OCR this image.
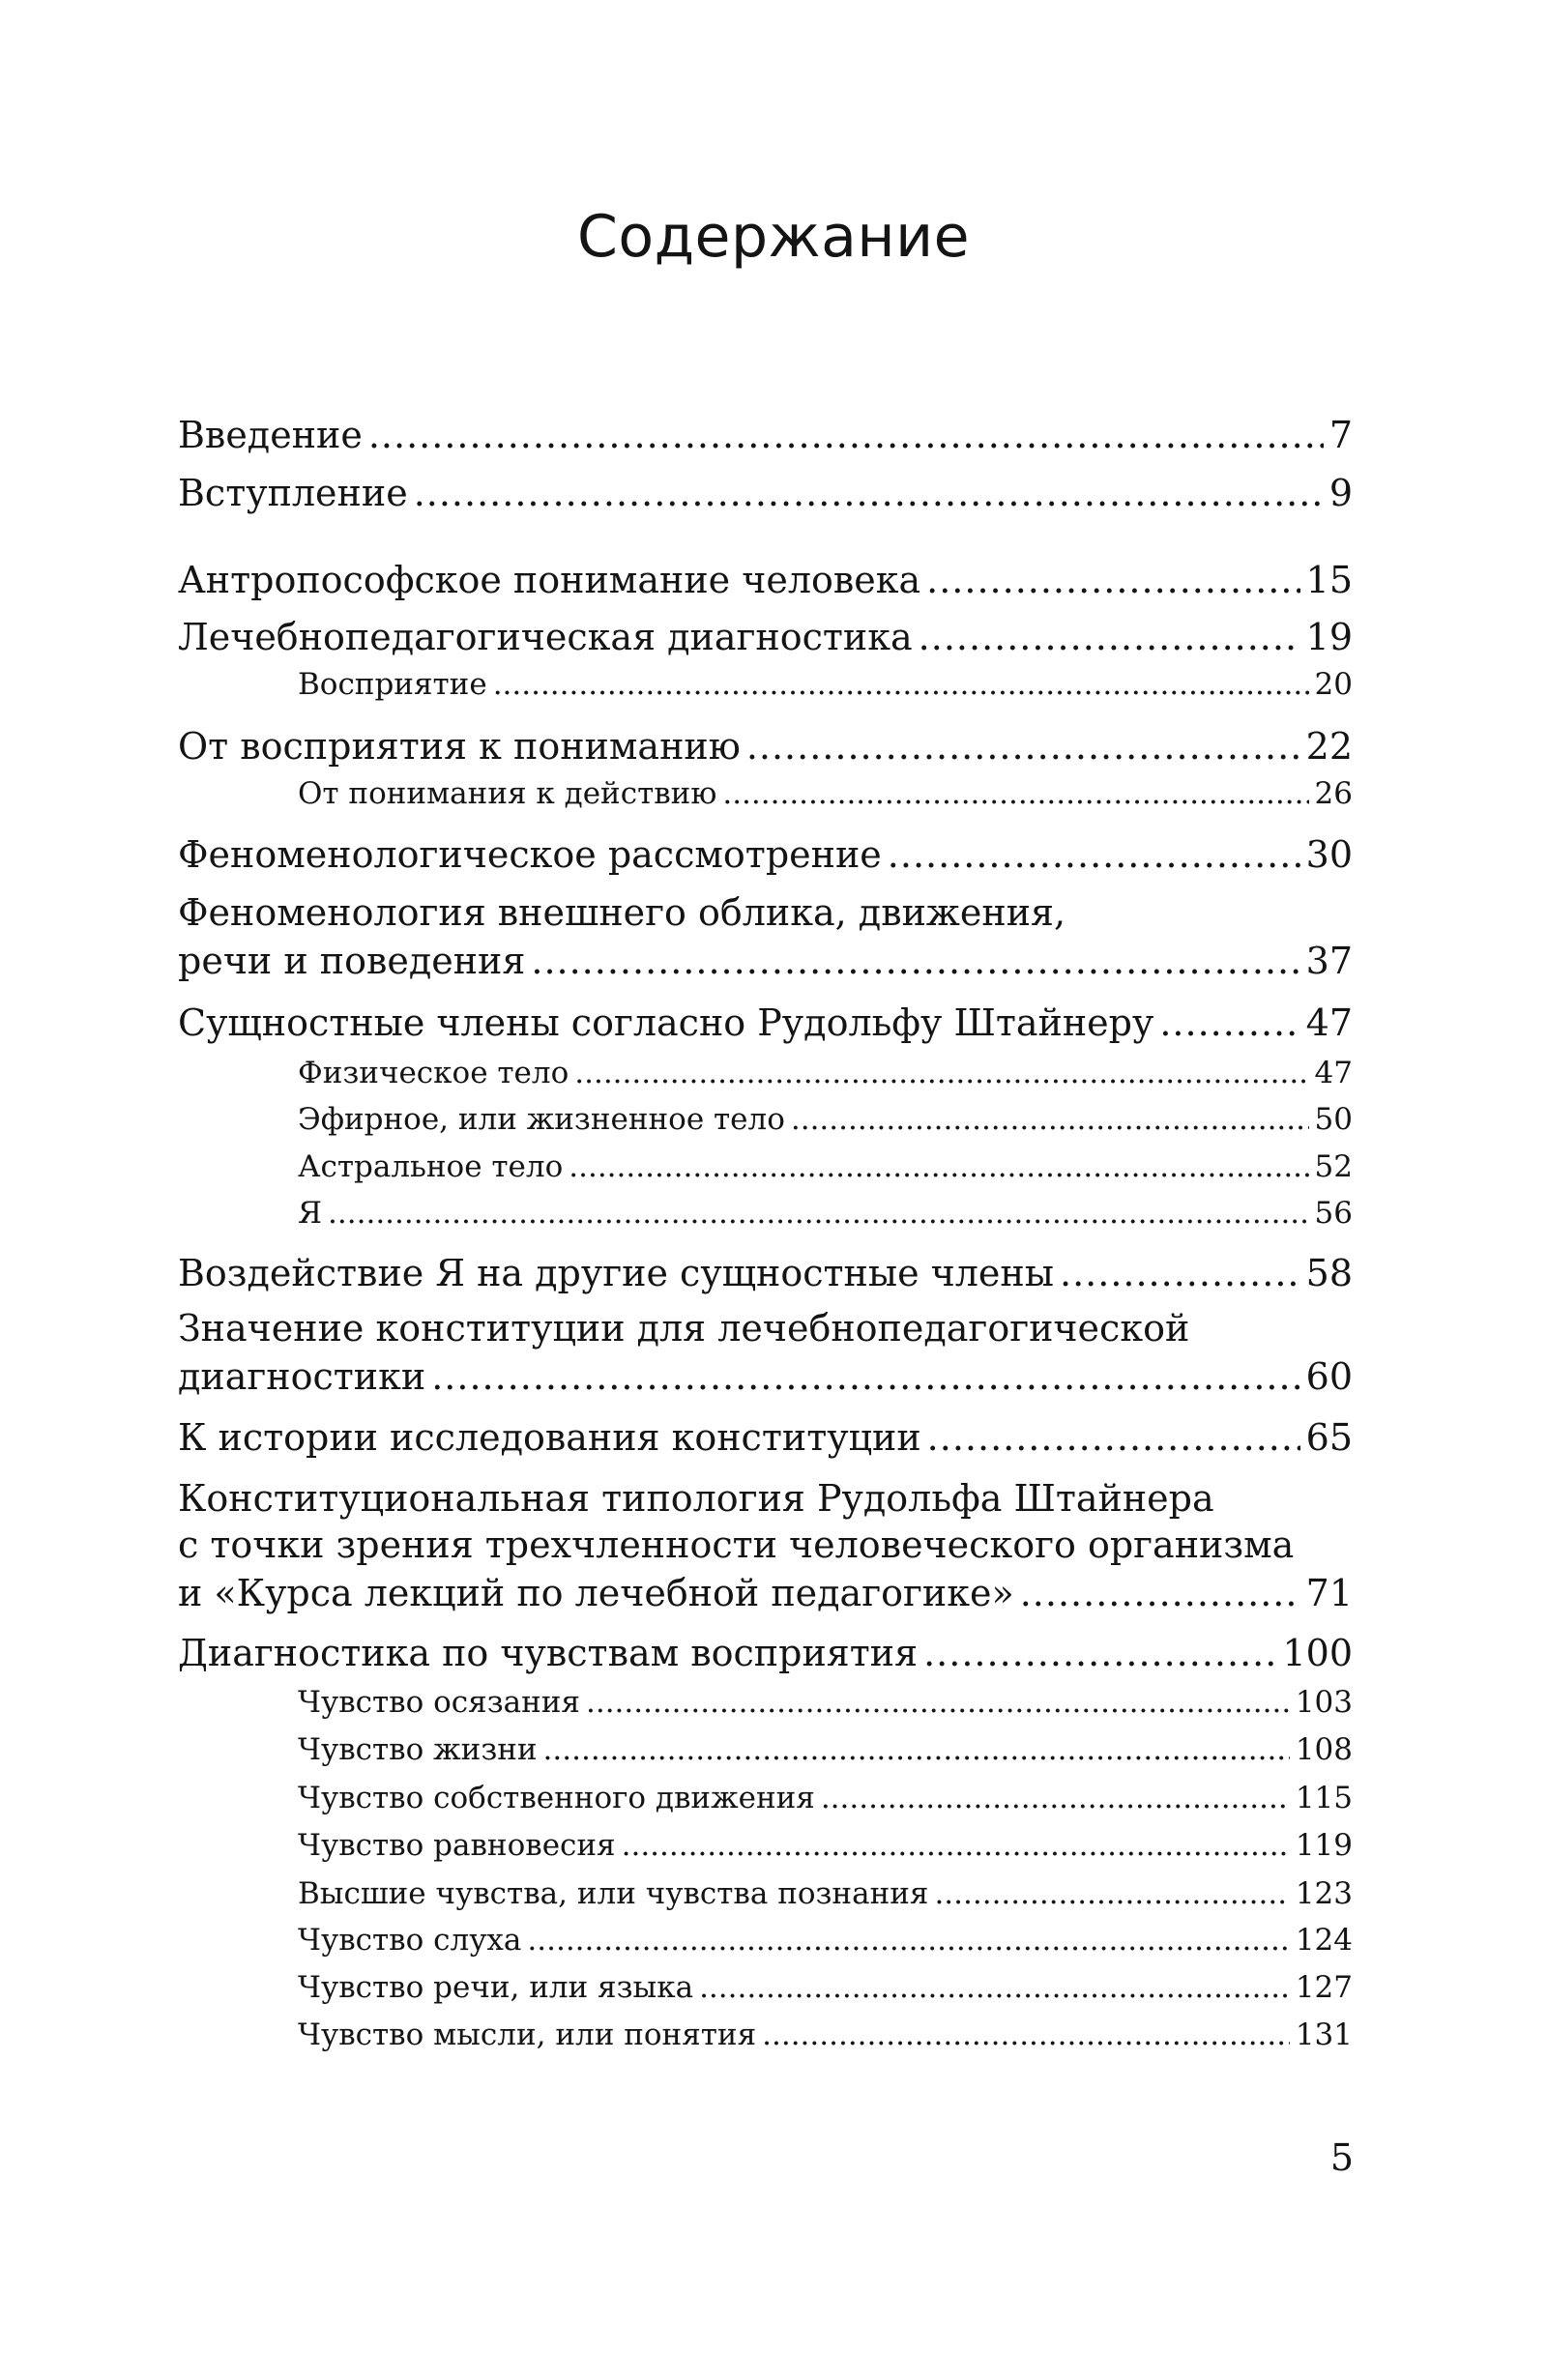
Содержание
Введение .....	7
Вступление .....	9
Антропософское понимание человека .....	15
Лечебнопедагогическая диагностика .....	19
Восприятие .....	20
От восприятия к пониманию .....	22
От понимания к действию .....	26
Феноменологическое рассмотрение .....	30
Феноменология внешнего облика, движения,
речи и поведения .....	37
Сущностные члены согласно Рудольфу Штайнеру .....	47
Физическое тело .....	47
Эфирное, или жизненное тело .....	50
Астральное тело .....	52
Я .....	56
Воздействие Я на другие сущностные члены .....	58
Значение конституции для лечебнопедагогической
диагностики .....	60
К истории исследования конституции .....	65
Конституциональная типология Рудольфа Штайнера
с точки зрения трехчленности человеческого организма
и «Курса лекций по лечебной педагогике» .....	71
Диагностика по чувствам восприятия .....	100
Чувство осязания .....	103
Чувство жизни .....	108
Чувство собственного движения .....	115
Чувство равновесия .....	119
Высшие чувства, или чувства познания .....	123
Чувство слуха .....	124
Чувство речи, или языка .....	127
Чувство мысли, или понятия .....	131
5
